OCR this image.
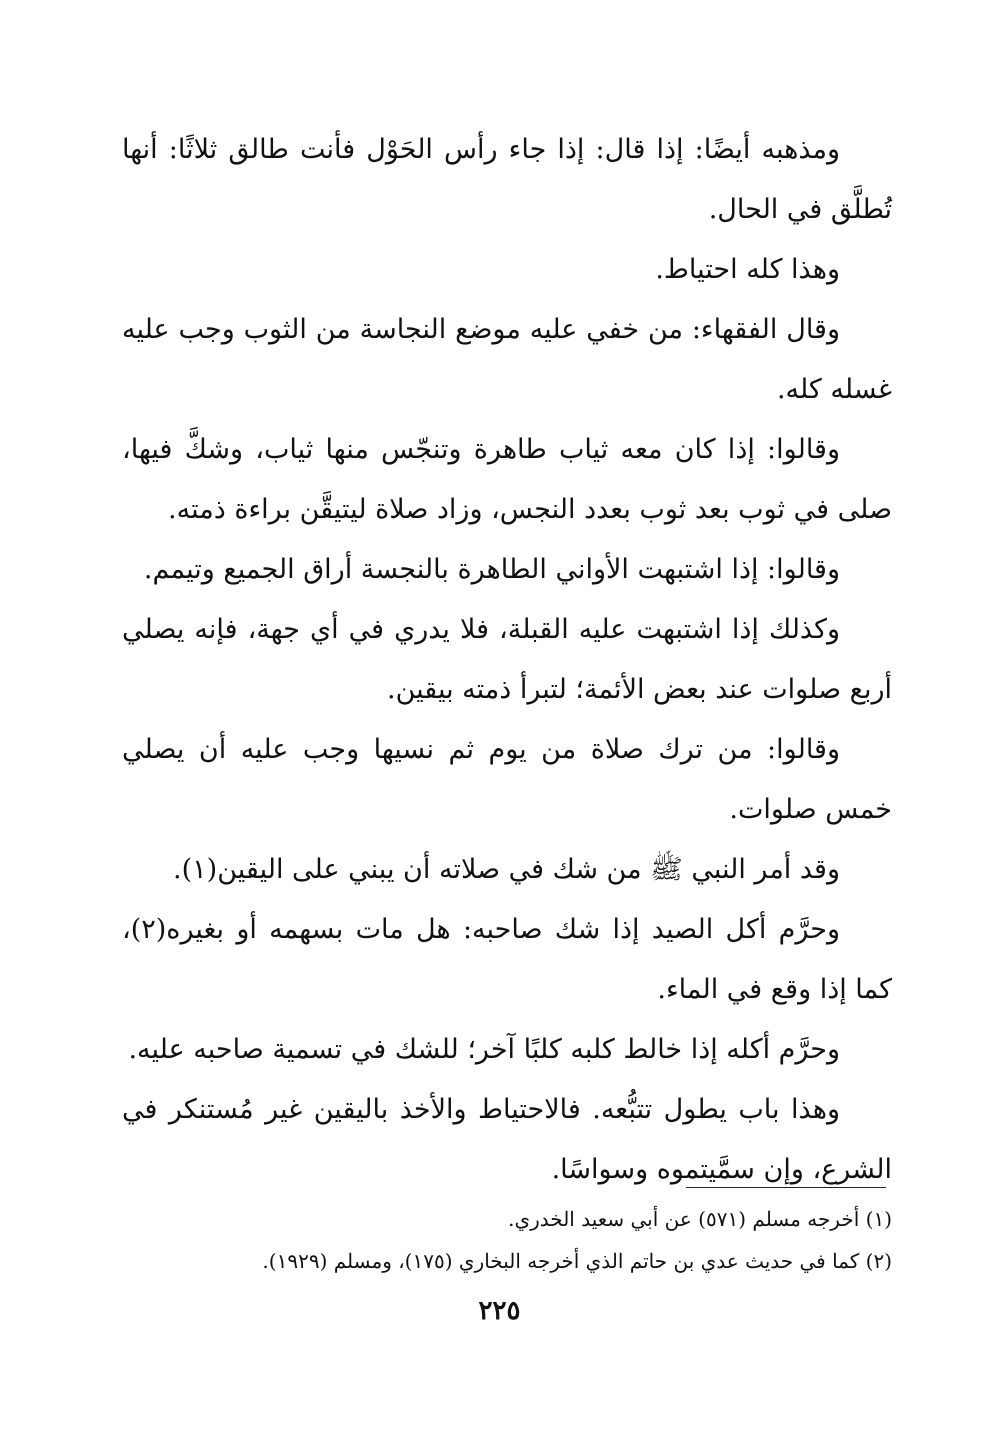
ومذهبه أيضًا: إذا قال: إذا جاء رأس الحَوْل فأنت طالق ثلاثًا: أنها تُطلَّق في الحال.

وهذا كله احتياط.

وقال الفقهاء: من خفي عليه موضع النجاسة من الثوب وجب عليه غسله كله.

وقالوا: إذا كان معه ثياب طاهرة وتنجّس منها ثياب، وشكَّ فيها، صلى في ثوب بعد ثوب بعدد النجس، وزاد صلاة ليتيقَّن براءة ذمته.

وقالوا: إذا اشتبهت الأواني الطاهرة بالنجسة أراق الجميع وتيمم.

وكذلك إذا اشتبهت عليه القبلة، فلا يدري في أي جهة، فإنه يصلي أربع صلوات عند بعض الأئمة؛ لتبرأ ذمته بيقين.

وقالوا: من ترك صلاة من يوم ثم نسيها وجب عليه أن يصلي خمس صلوات.

وقد أمر النبي ﷺ من شك في صلاته أن يبني على اليقين(١).

وحرَّم أكل الصيد إذا شك صاحبه: هل مات بسهمه أو بغيره(٢)، كما إذا وقع في الماء.

وحرَّم أكله إذا خالط كلبه كلبًا آخر؛ للشك في تسمية صاحبه عليه.

وهذا باب يطول تتبُّعه. فالاحتياط والأخذ باليقين غير مُستنكر في الشرع، وإن سمَّيتموه وسواسًا.

(١) أخرجه مسلم (٥٧١) عن أبي سعيد الخدري.

(٢) كما في حديث عدي بن حاتم الذي أخرجه البخاري (١٧٥)، ومسلم (١٩٢٩).

٢٢٥
